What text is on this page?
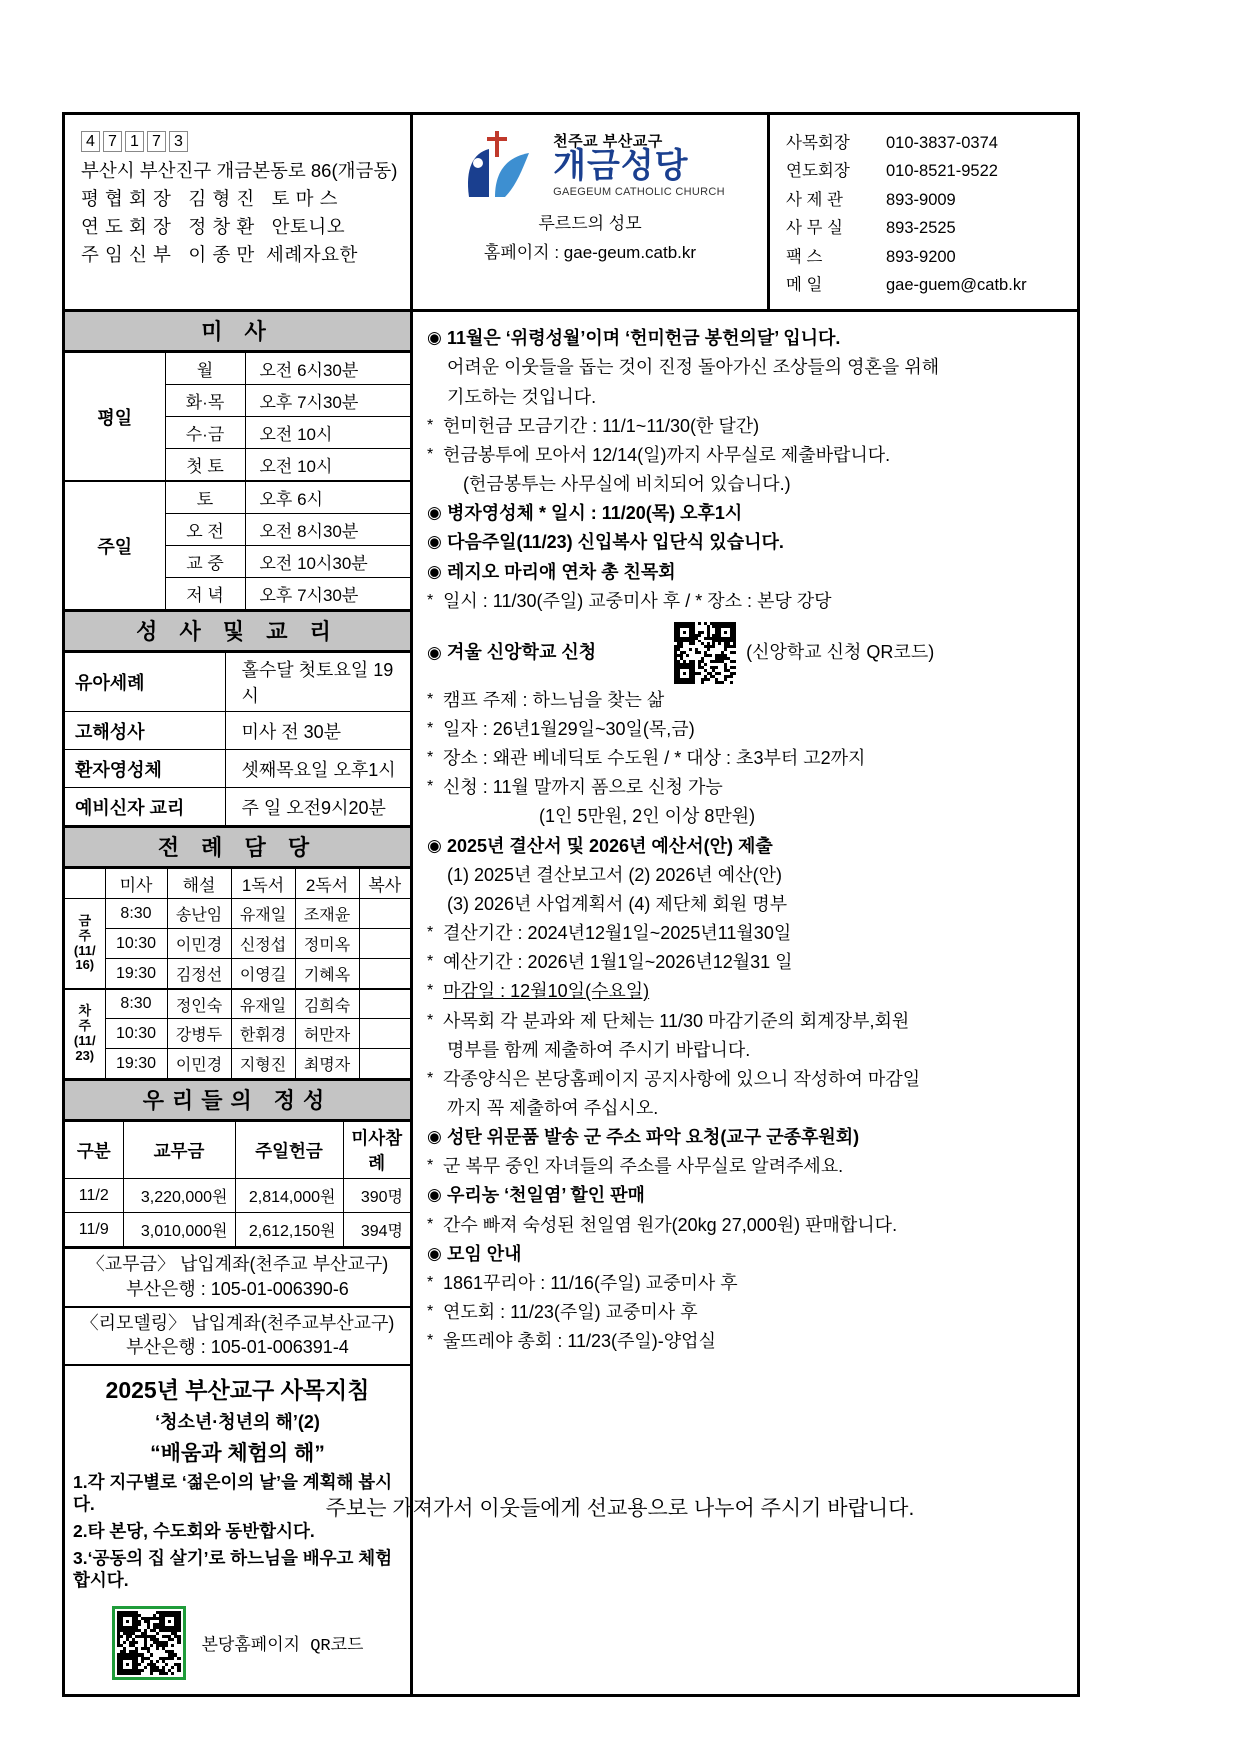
4 7 1 7 3
부산시 부산진구 개금본동로 86(개금동)
평 협 회 장 김 형 진 토 마 스
연 도 회 장 정 창 환 안토니오
주 임 신 부 이 종 만 세례자요한
천주교 부산교구
개금성당
GAEGEUM CATHOLIC CHURCH
루르드의 성모
홈페이지 : gae-geum.catb.kr
사목회장	010-3837-0374
연도회장	010-8521-9522
사 제 관	893-9009
사 무 실	893-2525
팩 스	893-9200
메 일	gae-guem@catb.kr
미 사
평일	월	오전 6시30분
	화·목	오후 7시30분
	수·금	오전 10시
	첫 토	오전 10시
주일	토	오후 6시
	오 전	오전 8시30분
	교 중	오전 10시30분
	저 녁	오후 7시30분
성 사 및 교 리
유아세례	홀수달 첫토요일 19시
고해성사	미사 전 30분
환자영성체	셋째목요일 오후1시
예비신자 교리	주 일 오전9시20분
전 례 담 당
	미사	해설	1독서	2독서	복사
금
주
(11/
16)	8:30	송난임	유재일	조재윤	
	10:30	이민경	신정섭	정미옥	
	19:30	김정선	이영길	기혜옥	
차
주
(11/
23)	8:30	정인숙	유재일	김희숙	
	10:30	강병두	한휘경	허만자	
	19:30	이민경	지형진	최명자	
우리들의 정성
구분	교무금	주일헌금	미사참례
11/2	3,220,000원	2,814,000원	390명
11/9	3,010,000원	2,612,150원	394명
〈교무금〉 납입계좌(천주교 부산교구)
부산은행 : 105-01-006390-6
〈리모델링〉 납입계좌(천주교부산교구)
부산은행 : 105-01-006391-4
2025년 부산교구 사목지침
‘청소년·청년의 해’(2)
“배움과 체험의 해”
1.각 지구별로 ‘젊은이의 날’을 계획해 봅시다.
2.타 본당, 수도회와 동반합시다.
3.‘공동의 집 살기’로 하느님을 배우고 체험합시다.
본당홈페이지 QR코드
◉ 11월은 ‘위령성월’이며 ‘헌미헌금 봉헌의달’ 입니다.
어려운 이웃들을 돕는 것이 진정 돌아가신 조상들의 영혼을 위해
기도하는 것입니다.
* 헌미헌금 모금기간 : 11/1~11/30(한 달간)
* 헌금봉투에 모아서 12/14(일)까지 사무실로 제출바랍니다.
(헌금봉투는 사무실에 비치되어 있습니다.)
◉ 병자영성체 * 일시 : 11/20(목) 오후1시
◉ 다음주일(11/23) 신입복사 입단식 있습니다.
◉ 레지오 마리애 연차 총 친목회
* 일시 : 11/30(주일) 교중미사 후 / * 장소 : 본당 강당
◉ 겨울 신앙학교 신청	(신앙학교 신청 QR코드)
* 캠프 주제 : 하느님을 찾는 삶
* 일자 : 26년1월29일~30일(목,금)
* 장소 : 왜관 베네딕토 수도원 / * 대상 : 초3부터 고2까지
* 신청 : 11월 말까지 폼으로 신청 가능
(1인 5만원, 2인 이상 8만원)
◉ 2025년 결산서 및 2026년 예산서(안) 제출
(1) 2025년 결산보고서 (2) 2026년 예산(안)
(3) 2026년 사업계획서 (4) 제단체 회원 명부
* 결산기간 : 2024년12월1일~2025년11월30일
* 예산기간 : 2026년 1월1일~2026년12월31 일
* 마감일 : 12월10일(수요일)
* 사목회 각 분과와 제 단체는 11/30 마감기준의 회계장부,회원
명부를 함께 제출하여 주시기 바랍니다.
* 각종양식은 본당홈페이지 공지사항에 있으니 작성하여 마감일
까지 꼭 제출하여 주십시오.
◉ 성탄 위문품 발송 군 주소 파악 요청(교구 군종후원회)
* 군 복무 중인 자녀들의 주소를 사무실로 알려주세요.
◉ 우리농 ‘천일염’ 할인 판매
* 간수 빠져 숙성된 천일염 원가(20kg 27,000원) 판매합니다.
◉ 모임 안내
* 1861꾸리아 : 11/16(주일) 교중미사 후
* 연도회 : 11/23(주일) 교중미사 후
* 울뜨레야 총회 : 11/23(주일)-양업실
주보는 가져가서 이웃들에게 선교용으로 나누어 주시기 바랍니다.
